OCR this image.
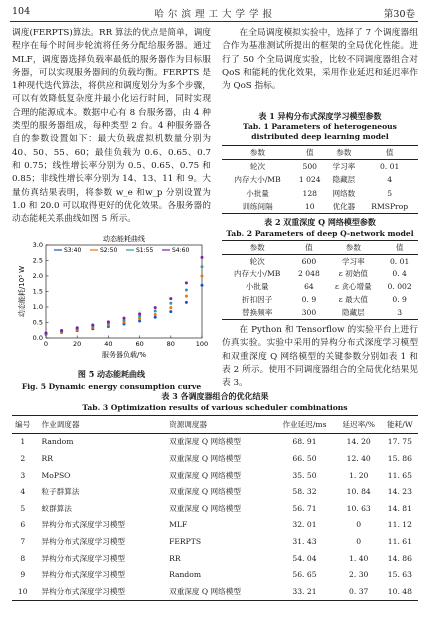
104	哈 尔 滨 理 工 大 学 学 报	第30卷

调度(FERPTS)算法。RR 算法的优点是简单，调度程序在每个时间步轮流将任务分配给服务器。通过MLF，调度器选择负载率最低的服务器作为目标服务器，可以实现服务器间的负载均衡。FERPTS 是 1种现代迭代算法，将供应和调度划分为多个步骤，可以有效降低复杂度并最小化运行时间，同时实现合理的能源成本。数据中心有 8 台服务器，由 4 种类型的服务器组成，每种类型 2 台。4 种服务器各自的参数设置如下：最大负载虚拟机数量分别为 40、50、55、60；最佳负载为 0.6、0.65、0.7 和 0.75；线性增长率分别为 0.5、0.65、0.75 和 0.85；非线性增长率分别为 14、13、11 和 9。大量仿真结果表明，将参数 w_e 和w_p 分别设置为 1.0 和 20.0 可以取得更好的优化效果。各服务器的动态能耗关系曲线如图 5 所示。

动态能耗曲线
0.0
0.5
1.0
1.5
2.0
2.5
3.0
0	20	40	60	80	100
服务器负载/%
动态能耗/10³ W
S3:40	S2:50	S1:55	S4:60
图 5 动态能耗曲线
Fig. 5 Dynamic energy consumption curve

在全局调度模拟实验中，选择了 7 个调度器组合作为基准测试所提出的框架的全局优化性能。进行了 50 个全局调度实验，比较不同调度器组合对QoS 和能耗的优化效果，采用作业延迟和延迟率作为 QoS 指标。

表 1 异构分布式深度学习模型参数
Tab. 1 Parameters of heterogeneous distributed deep learning model
参数	值	参数	值
轮次	500	学习率	0. 01
内存大小/MB	1 024	隐藏层	4
小批量	128	网络数	5
训练间隔	10	优化器	RMSProp
表 2 双重深度 Q 网络模型参数
Tab. 2 Parameters of deep Q-network model
参数	值	参数	值
轮次	600	学习率	0. 01
内存大小/MB	2 048	ε 初始值	0. 4
小批量	64	ε 贪心增量	0. 002
折扣因子	0. 9	ε 最大值	0. 9
替换频率	300	隐藏层	3

在 Python 和 Tensorflow 的实验平台上进行仿真实验。实验中采用的异构分布式深度学习模型和双重深度 Q 网络模型的关键参数分别如表 1 和表 2 所示。使用不同调度器组合的全局优化结果见表 3。

表 3 各调度器组合的优化结果
Tab. 3 Optimization results of various scheduler combinations
编号	作业调度器	资源调度器	作业延迟/ms	延迟率/%	能耗/W
1	Random	双重深度 Q 网络模型	68. 91	14. 20	17. 75
2	RR	双重深度 Q 网络模型	66. 50	12. 40	15. 86
3	MoPSO	双重深度 Q 网络模型	35. 50	1. 20	11. 65
4	粒子群算法	双重深度 Q 网络模型	58. 32	10. 84	14. 23
5	蚁群算法	双重深度 Q 网络模型	56. 71	10. 63	14. 81
6	异构分布式深度学习模型	MLF	32. 01	0	11. 12
7	异构分布式深度学习模型	FERPTS	31. 43	0	11. 61
8	异构分布式深度学习模型	RR	54. 04	1. 40	14. 86
9	异构分布式深度学习模型	Random	56. 65	2. 30	15. 63
10	异构分布式深度学习模型	双重深度 Q 网络模型	33. 21	0. 37	10. 48
